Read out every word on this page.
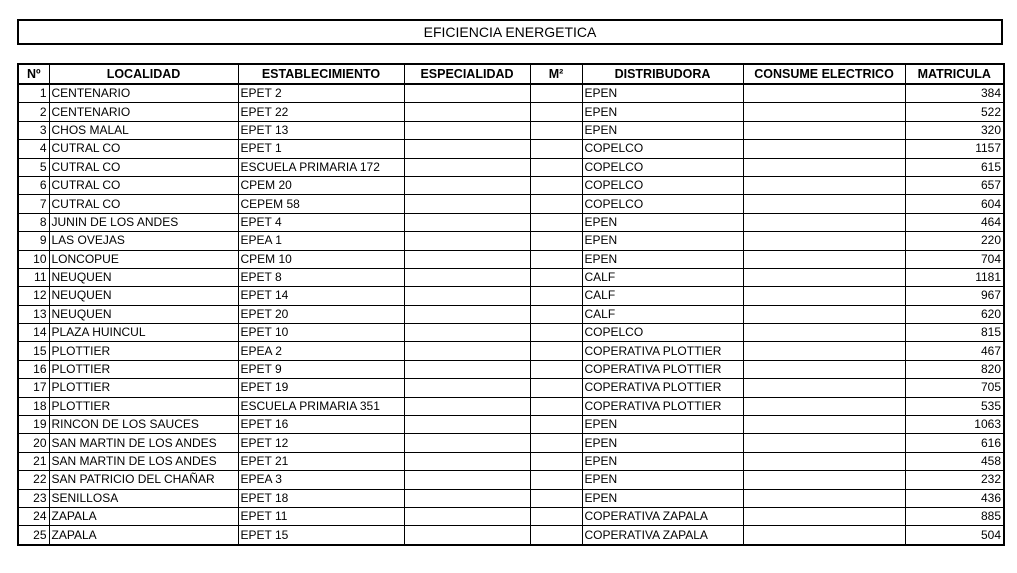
EFICIENCIA ENERGETICA
Nº	LOCALIDAD	ESTABLECIMIENTO	ESPECIALIDAD	M²	DISTRIBUDORA	CONSUME ELECTRICO	MATRICULA
1	CENTENARIO	EPET 2			EPEN		384
2	CENTENARIO	EPET 22			EPEN		522
3	CHOS MALAL	EPET 13			EPEN		320
4	CUTRAL CO	EPET 1			COPELCO		1157
5	CUTRAL CO	ESCUELA PRIMARIA 172			COPELCO		615
6	CUTRAL CO	CPEM 20			COPELCO		657
7	CUTRAL CO	CEPEM 58			COPELCO		604
8	JUNIN DE LOS ANDES	EPET 4			EPEN		464
9	LAS OVEJAS	EPEA 1			EPEN		220
10	LONCOPUE	CPEM 10			EPEN		704
11	NEUQUEN	EPET 8			CALF		1181
12	NEUQUEN	EPET 14			CALF		967
13	NEUQUEN	EPET 20			CALF		620
14	PLAZA HUINCUL	EPET 10			COPELCO		815
15	PLOTTIER	EPEA 2			COPERATIVA PLOTTIER		467
16	PLOTTIER	EPET 9			COPERATIVA PLOTTIER		820
17	PLOTTIER	EPET 19			COPERATIVA PLOTTIER		705
18	PLOTTIER	ESCUELA PRIMARIA 351			COPERATIVA PLOTTIER		535
19	RINCON DE LOS SAUCES	EPET 16			EPEN		1063
20	SAN MARTIN DE LOS ANDES	EPET 12			EPEN		616
21	SAN MARTIN DE LOS ANDES	EPET 21			EPEN		458
22	SAN PATRICIO DEL CHAÑAR	EPEA 3			EPEN		232
23	SENILLOSA	EPET 18			EPEN		436
24	ZAPALA	EPET 11			COPERATIVA ZAPALA		885
25	ZAPALA	EPET 15			COPERATIVA ZAPALA		504
